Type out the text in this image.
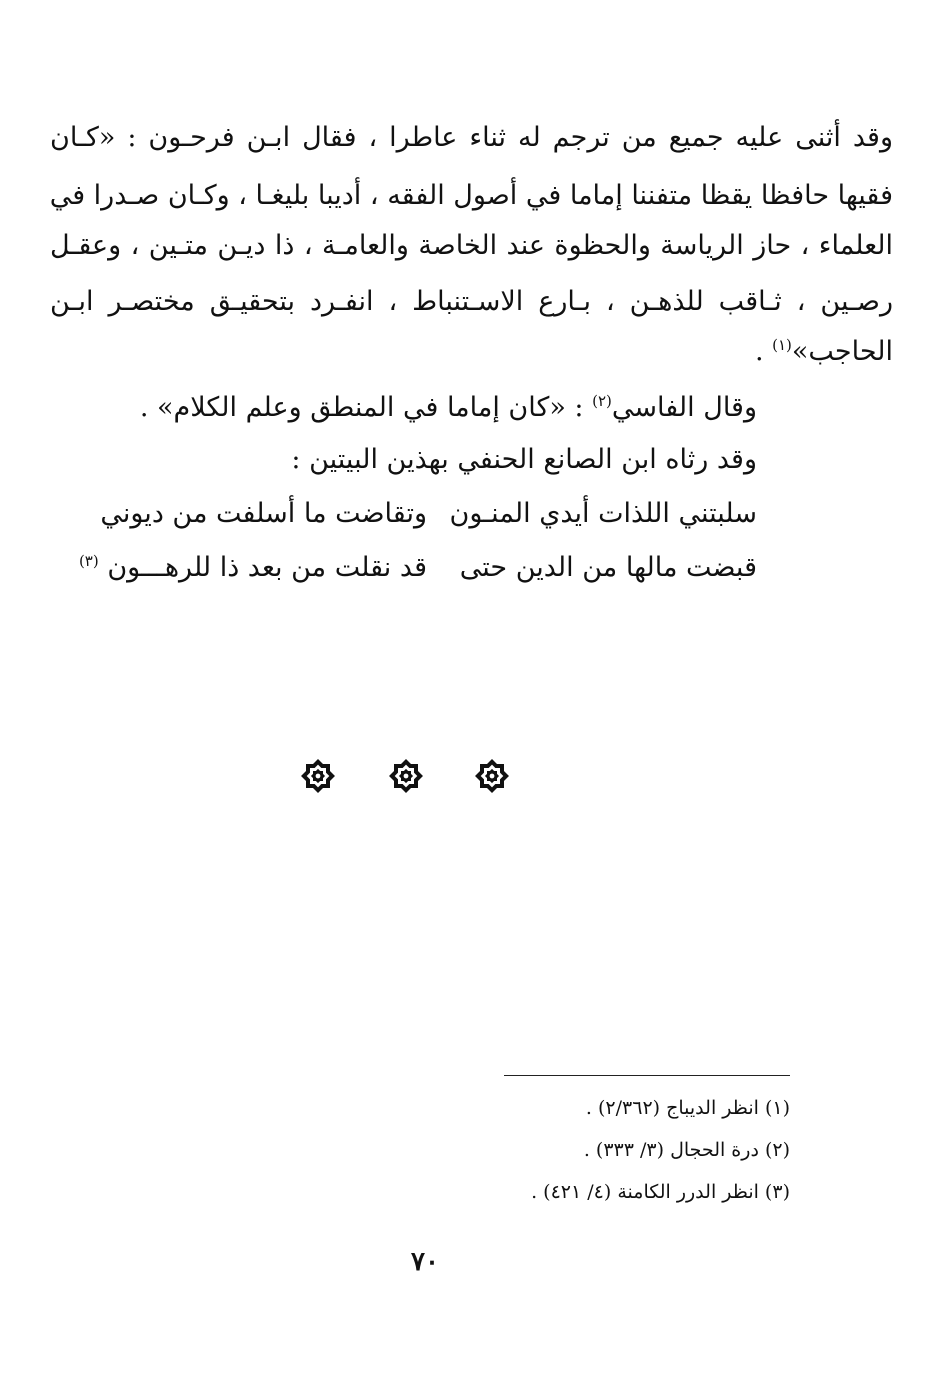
وقد أثنى عليه جميع من ترجم له ثناء عاطرا ، فقال ابـن فرحـون : «كـان
فقيها حافظا يقظا متفننا إماما في أصول الفقه ، أديبا بليغـا ، وكـان صـدرا في
العلماء ، حاز الرياسة والحظوة عند الخاصة والعامـة ، ذا ديـن متـين ، وعقـل
رصـين ، ثـاقب للذهـن ، بـارع الاسـتنباط ، انفـرد بتحقيـق مختصـر ابـن
الحاجب»$^{(١)}$ .
وقال الفاسي$^{(٢)}$ : «كان إماما في المنطق وعلم الكلام» .
وقد رثاه ابن الصانع الحنفي بهذين البيتين :
سلبتني اللذات أيدي المنـون
وتقاضت ما أسلفت من ديوني
قبضت مالها من الدين حتى
قد نقلت من بعد ذا للرهـــون $^{(٣)}$
(١) انظر الديباج (٢/٣٦٢) .
(٢) درة الحجال (٣/ ٣٣٣) .
(٣) انظر الدرر الكامنة (٤/ ٤٢١) .
٧٠
